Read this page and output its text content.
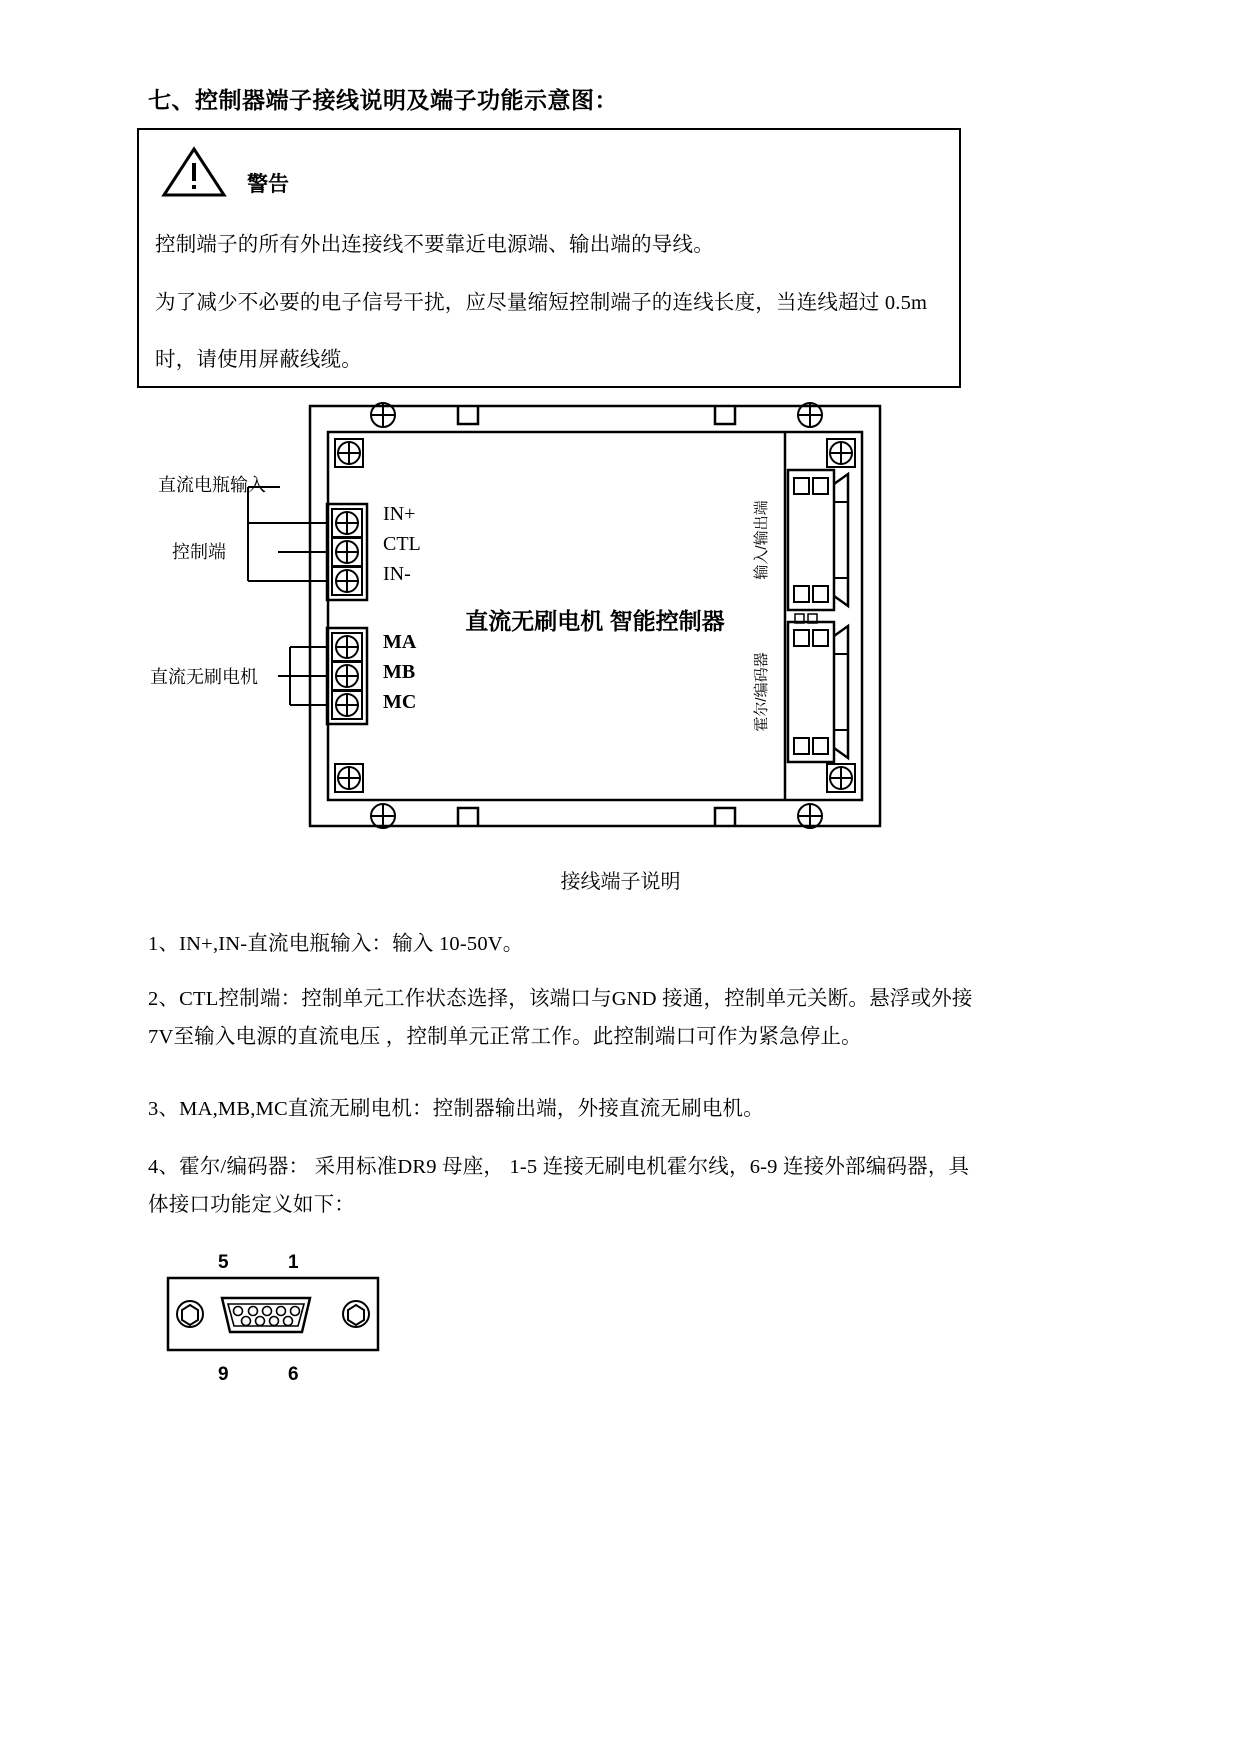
七、控制器端子接线说明及端子功能示意图：
警告
控制端子的所有外出连接线不要靠近电源端、输出端的导线。
为了减少不必要的电子信号干扰，应尽量缩短控制端子的连线长度，当连线超过 0.5m
时，请使用屏蔽线缆。
IN+
CTL
IN-
MA
MB
MC
直流无刷电机 智能控制器
输入/输出端
霍尔/编码器
直流电瓶输入
控制端
直流无刷电机
接线端子说明
1、IN+,IN-直流电瓶输入：输入 10-50V。
2、CTL控制端：控制单元工作状态选择，该端口与GND 接通，控制单元关断。悬浮或外接7V至输入电源的直流电压 ，控制单元正常工作。此控制端口可作为紧急停止。
3、MA,MB,MC直流无刷电机：控制器输出端，外接直流无刷电机。
4、霍尔/编码器： 采用标准DR9 母座， 1-5 连接无刷电机霍尔线，6-9 连接外部编码器，具体接口功能定义如下：
5	1
9	6
